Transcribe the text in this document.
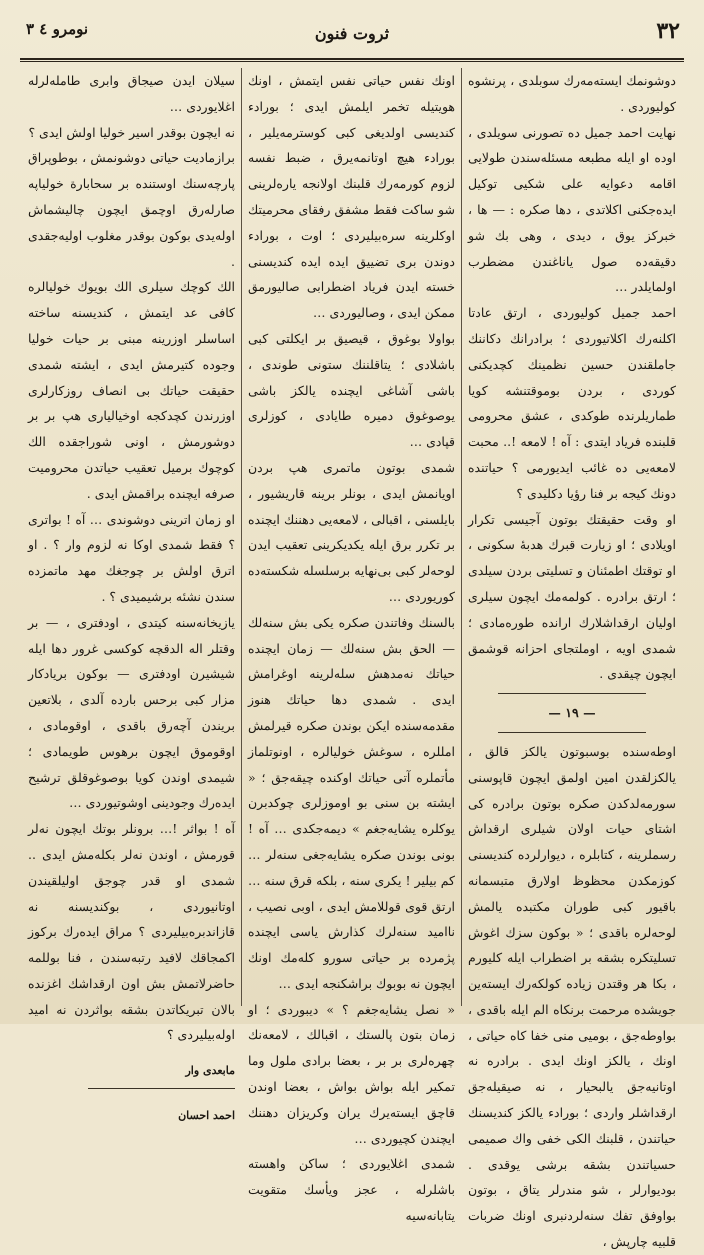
٣٢
ثروت فنون
نومرو ٤ ٣

دوشونمك ايسته‌مه‌رك سوبلدى ، پرنشوه كوليوردى .

نهايت احمد جميل ده تصورنى سويلدى ، اوده او ايله مطبعه مسئله‌سندن طولايى اقامه دعوايه على شكيى توكيل ايده‌جكنى اكلاتدى ، دها صكره : — ها ، خبركز يوق ، ديدى ، وهى بك شو دقيقه‌ده صول ياناغندن مضطرب اولمايلدر …

احمد جميل كوليوردى ، ارتق عادتا اكلنه‌رك اكلاتيوردى ؛ برادرانك دكاننك جاملقندن حسين نظمينك كچديكنى كوردى ، بردن بوموقتنشه كويا طماريلرنده طوكدى ، عشق محرومى قلبنده فرياد ايتدى : آه ! لامعه !.. محبت لامعه‌يى ده غائب ايديورمى ؟ حياتنده دونك كيجه بر فنا رؤيا دكليدى ؟

او وقت حقيقتك بوتون آجيسى تكرار اويلادى ؛ او زيارت قبرك هدبهٔ سكونى ، او توقتك اطمئنان و تسليتى بردن سيلدى ؛ ارتق برادره . كولمه‌مك ايچون سيلرى اوليان ارقداشلارك ارانده طوره‌مادى ؛ شمدى اويه ، اوملتجاى احزانه قوشمق ايچون چيقدى .

— ١٩ —

اوطه‌سنده بوسبوتون يالكز قالق ، يالكزلقدن امين اولمق ايچون قاپوسنى سورمه‌لدكدن صكره بوتون برادره كى اشتاى حيات اولان شيلرى ارقداش رسملرينه ، كتابلره ، ديوارلرده كنديسنى كوزمكدن محظوظ اولارق متبسمانه باقيور كبى طوران مكتبده يالمش لوحه‌لره باقدى ؛ « بوكون سزك اغوش تسليتكره بشقه بر اضطراب ايله كليورم ، بكا هر وقتدن زياده كولكه‌رك ايسته‌ين جويشده مرحمت برنكاه الم ايله باقدى ، بواوطه‌جق ، بوميى منى خفا كاه حياتى ، اونك ، يالكز اونك ايدى . برادره نه اوتانيه‌جق يالبحيار ، نه صيقيله‌جق ارقداشلر واردى ؛ بورادء يالكز كنديسنك حياتندن ، قلبنك الكى خفى واك صميمى حسياتندن بشقه برشى يوقدى . بوديوارلر ، شو مندرلر يتاق ، بوتون بواوفق تفك سنه‌لردنبرى اونك ضربات قلبيه چارپش ،

اونك نفس حياتى نفس ايتمش ، اونك هويتيله تخمر ايلمش ايدى ؛ بورادء كنديسى اولديغى كبى كوسترمه‌يلير ، بورادء هيچ اوتانمه‌يرق ، ضبط نفسه لزوم كورمه‌رك قلبنك اولانجه يارەلرينى شو ساكت فقط مشفق رفقاى محرميتك اوكلرينه سره‌بيليردى ؛ اوت ، بورادء دوندن برى تضييق ايده ايده كنديسنى خسته ايدن فرياد اضطرابى صاليورمق ممكن ايدى ، وصاليوردى …

بواولا بوغوق ، قيصيق بر ايكلتى كبى باشلادى ؛ يتاقلننك ستونى طوندى ، باشى آشاغى ايچنده يالكز باشى يوصوغوق دميره طايادى ، كوزلرى قپادى …

شمدى بوتون ماتمرى هپ بردن اويانمش ايدى ، بونلر برينه قاريشيور ، بايلسنى ، اقبالى ، لامعه‌يى دهننك ايچنده بر تكرر برق ايله يكديكرينى تعقيب ايدن لوحه‌لر كبى بى‌نهايه برسلسله شكسته‌ده كوريوردى …

بالسنك وفاتندن صكره يكى بش سنه‌لك — الحق بش سنه‌لك — زمان ايچنده حياتك نەمدهش سلەلرينه اوغرامش ايدى . شمدى دها حياتك هنوز مقدمه‌سنده ايكن بوندن صكره قيرلمش امللره ، سوغش خوليالره ، اونوتلماز مأتملره آتى حياتك اوكنده چيقه‌جق ؛ « ايشته بن سنى بو اوموزلرى چوكدبرن يوكلره يشايه‌جغم » ديمه‌جكدى … آه ! بونى بوندن صكره يشايه‌جغى سنه‌لر … كم بيلير ! يكرى سنه ، بلكه قرق سنه … ارتق قوى قوللامش ايدى ، اوبى نصيب ، ناامید سنه‌لرك كذارش ياسى ايچنده پژمرده بر حياتى سورو كله‌مك اونك ايچون نه بوبوك براشكنجه ايدى …

« نصل يشايه‌جغم ؟ » ديبوردى ؛ او زمان بتون پالستك ، اقبالك ، لامعه‌نك چهره‌لرى بر بر ، بعضا برادى ملول وما تمكير ايله بواش بواش ، بعضا اوندن قاچق ايسته‌يرك يران وكريزان دهننك ايچندن كچيوردى …

شمدى اغلايوردى ؛ ساكن واهسته باشلرله ، عجز ويأسك متقويت يتابانه‌سيه

سيلان ايدن صيجاق وابرى طامله‌لرله اغلايوردى …

نه ايچون بوقدر اسير خوليا اولش ايدى ؟

برازماديت حياتى دوشونمش ، بوطوپراق پارچه‌سنك اوستنده بر سحابارة خولياپه صارلەرق اوچمق ايچون چاليشماش اوله‌يدى بوكون بوقدر مغلوب اوليه‌جقدى .

الك كوچك سيلرى الك بويوك خوليالره كافى عد ايتمش ، كنديسنه ساخته اساسلر اوزرينه مبنى بر حيات خوليا وجوده كتيرمش ايدى ، ايشته شمدى حقيقت حياتك بى انصاف روزكارلرى اوزرندن كچدكجه اوخياليارى هپ بر بر دوشورمش ، اونى شوراجقده الك كوچوك برميل تعقيب حياتدن محروميت صرفه ايچنده براقمش ايدى .

او زمان اترينى دوشوندى … آه ! بواترى ؟ فقط شمدى اوكا نه لزوم وار ؟ . او اترق اولش بر چوجغك مهد ماتمزده سندن نشئه برشيميدى ؟ .

يازيخانه‌سنه كيتدى ، اودفترى ، — بر وقتلر اله الدقچه كوكسى غرور دها ايله شيشيرن اودفترى — بوكون بريادكار مزار كبى برحس بارده آلدى ، بلاتعين بريندن آچه‌رق باقدى ، اوقومادى ، اوقوموق ايچون برهوس طويمادى ؛ شيمدى اوندن كويا بوصوغوقلق ترشيح ايده‌رك وجودينى اوشوتيوردى …

آه ! بواثر !… برونلر بوتك ايچون نەلر قورمش ، اوندن نەلر بكله‌مش ايدى .. شمدى او قدر چوجق اوليلقيندن اوتانيوردى ، بوكنديسنه نه قازاندبره‌بيليردى ؟ مراق ايده‌رك بركوز اكمجاقك لافيد رتبه‌سندن ، فنا بوللمه حاضرلاتمش بش اون ارقداشك اغزنده بالان تبريكاتدن بشقه بواثردن نه اميد اوله‌بيليردى ؟

مابعدى وار
احمد احسان
